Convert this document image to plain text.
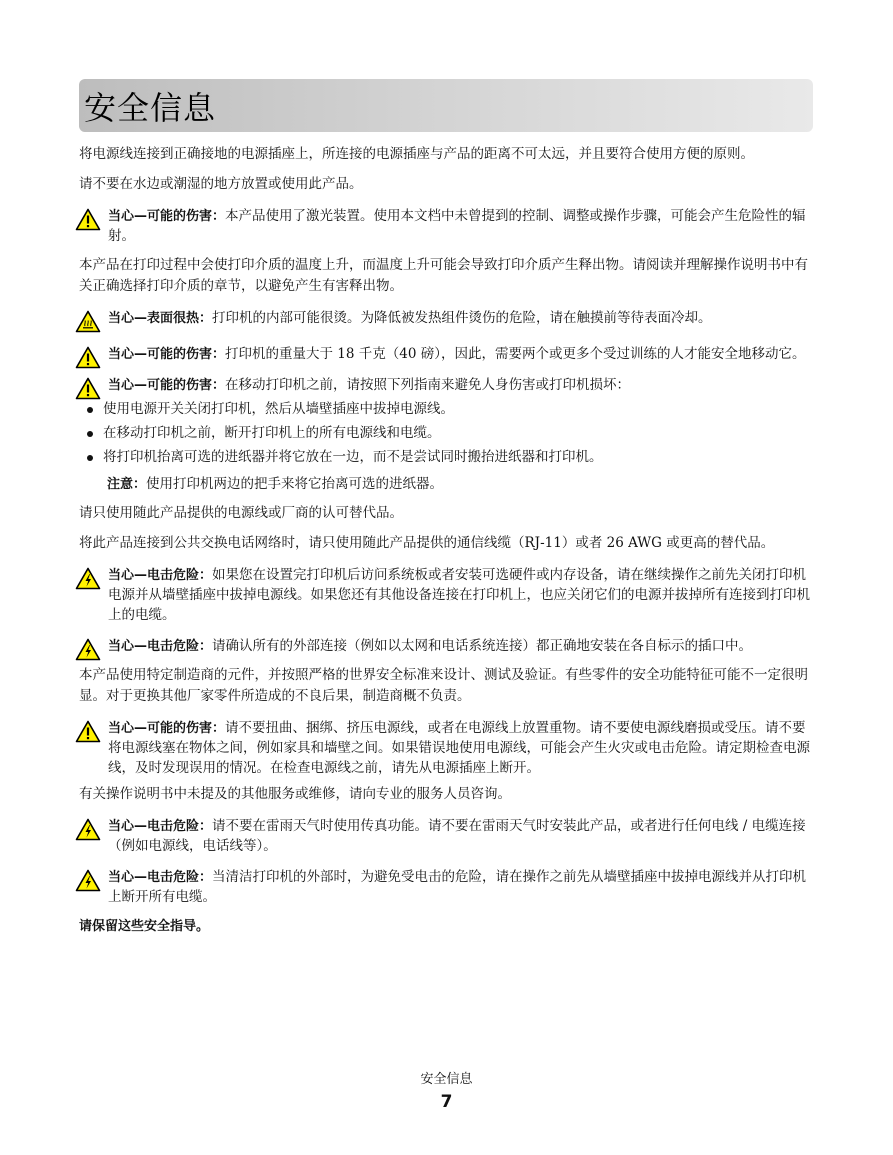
安全信息

将电源线连接到正确接地的电源插座上，所连接的电源插座与产品的距离不可太远，并且要符合使用方便的原则。

请不要在水边或潮湿的地方放置或使用此产品。

当心—可能的伤害：本产品使用了激光装置。使用本文档中未曾提到的控制、调整或操作步骤，可能会产生危险性的辐射。

本产品在打印过程中会使打印介质的温度上升，而温度上升可能会导致打印介质产生释出物。请阅读并理解操作说明书中有关正确选择打印介质的章节，以避免产生有害释出物。

当心—表面很热：打印机的内部可能很烫。为降低被发热组件烫伤的危险，请在触摸前等待表面冷却。
当心—可能的伤害：打印机的重量大于 18 千克（40 磅），因此，需要两个或更多个受过训练的人才能安全地移动它。
当心—可能的伤害：在移动打印机之前，请按照下列指南来避免人身伤害或打印机损坏：
使用电源开关关闭打印机，然后从墙壁插座中拔掉电源线。
在移动打印机之前，断开打印机上的所有电源线和电缆。
将打印机抬离可选的进纸器并将它放在一边，而不是尝试同时搬抬进纸器和打印机。
注意：使用打印机两边的把手来将它抬离可选的进纸器。

请只使用随此产品提供的电源线或厂商的认可替代品。

将此产品连接到公共交换电话网络时，请只使用随此产品提供的通信线缆（RJ-11）或者 26 AWG 或更高的替代品。

当心—电击危险：如果您在设置完打印机后访问系统板或者安装可选硬件或内存设备，请在继续操作之前先关闭打印机电源并从墙壁插座中拔掉电源线。如果您还有其他设备连接在打印机上，也应关闭它们的电源并拔掉所有连接到打印机上的电缆。
当心—电击危险：请确认所有的外部连接（例如以太网和电话系统连接）都正确地安装在各自标示的插口中。

本产品使用特定制造商的元件，并按照严格的世界安全标准来设计、测试及验证。有些零件的安全功能特征可能不一定很明显。对于更换其他厂家零件所造成的不良后果，制造商概不负责。

当心—可能的伤害：请不要扭曲、捆绑、挤压电源线，或者在电源线上放置重物。请不要使电源线磨损或受压。请不要将电源线塞在物体之间，例如家具和墙壁之间。如果错误地使用电源线，可能会产生火灾或电击危险。请定期检查电源线，及时发现误用的情况。在检查电源线之前，请先从电源插座上断开。

有关操作说明书中未提及的其他服务或维修，请向专业的服务人员咨询。

当心—电击危险：请不要在雷雨天气时使用传真功能。请不要在雷雨天气时安装此产品，或者进行任何电线 / 电缆连接（例如电源线，电话线等）。
当心—电击危险：当清洁打印机的外部时，为避免受电击的危险，请在操作之前先从墙壁插座中拔掉电源线并从打印机上断开所有电缆。

请保留这些安全指导。

安全信息
7
